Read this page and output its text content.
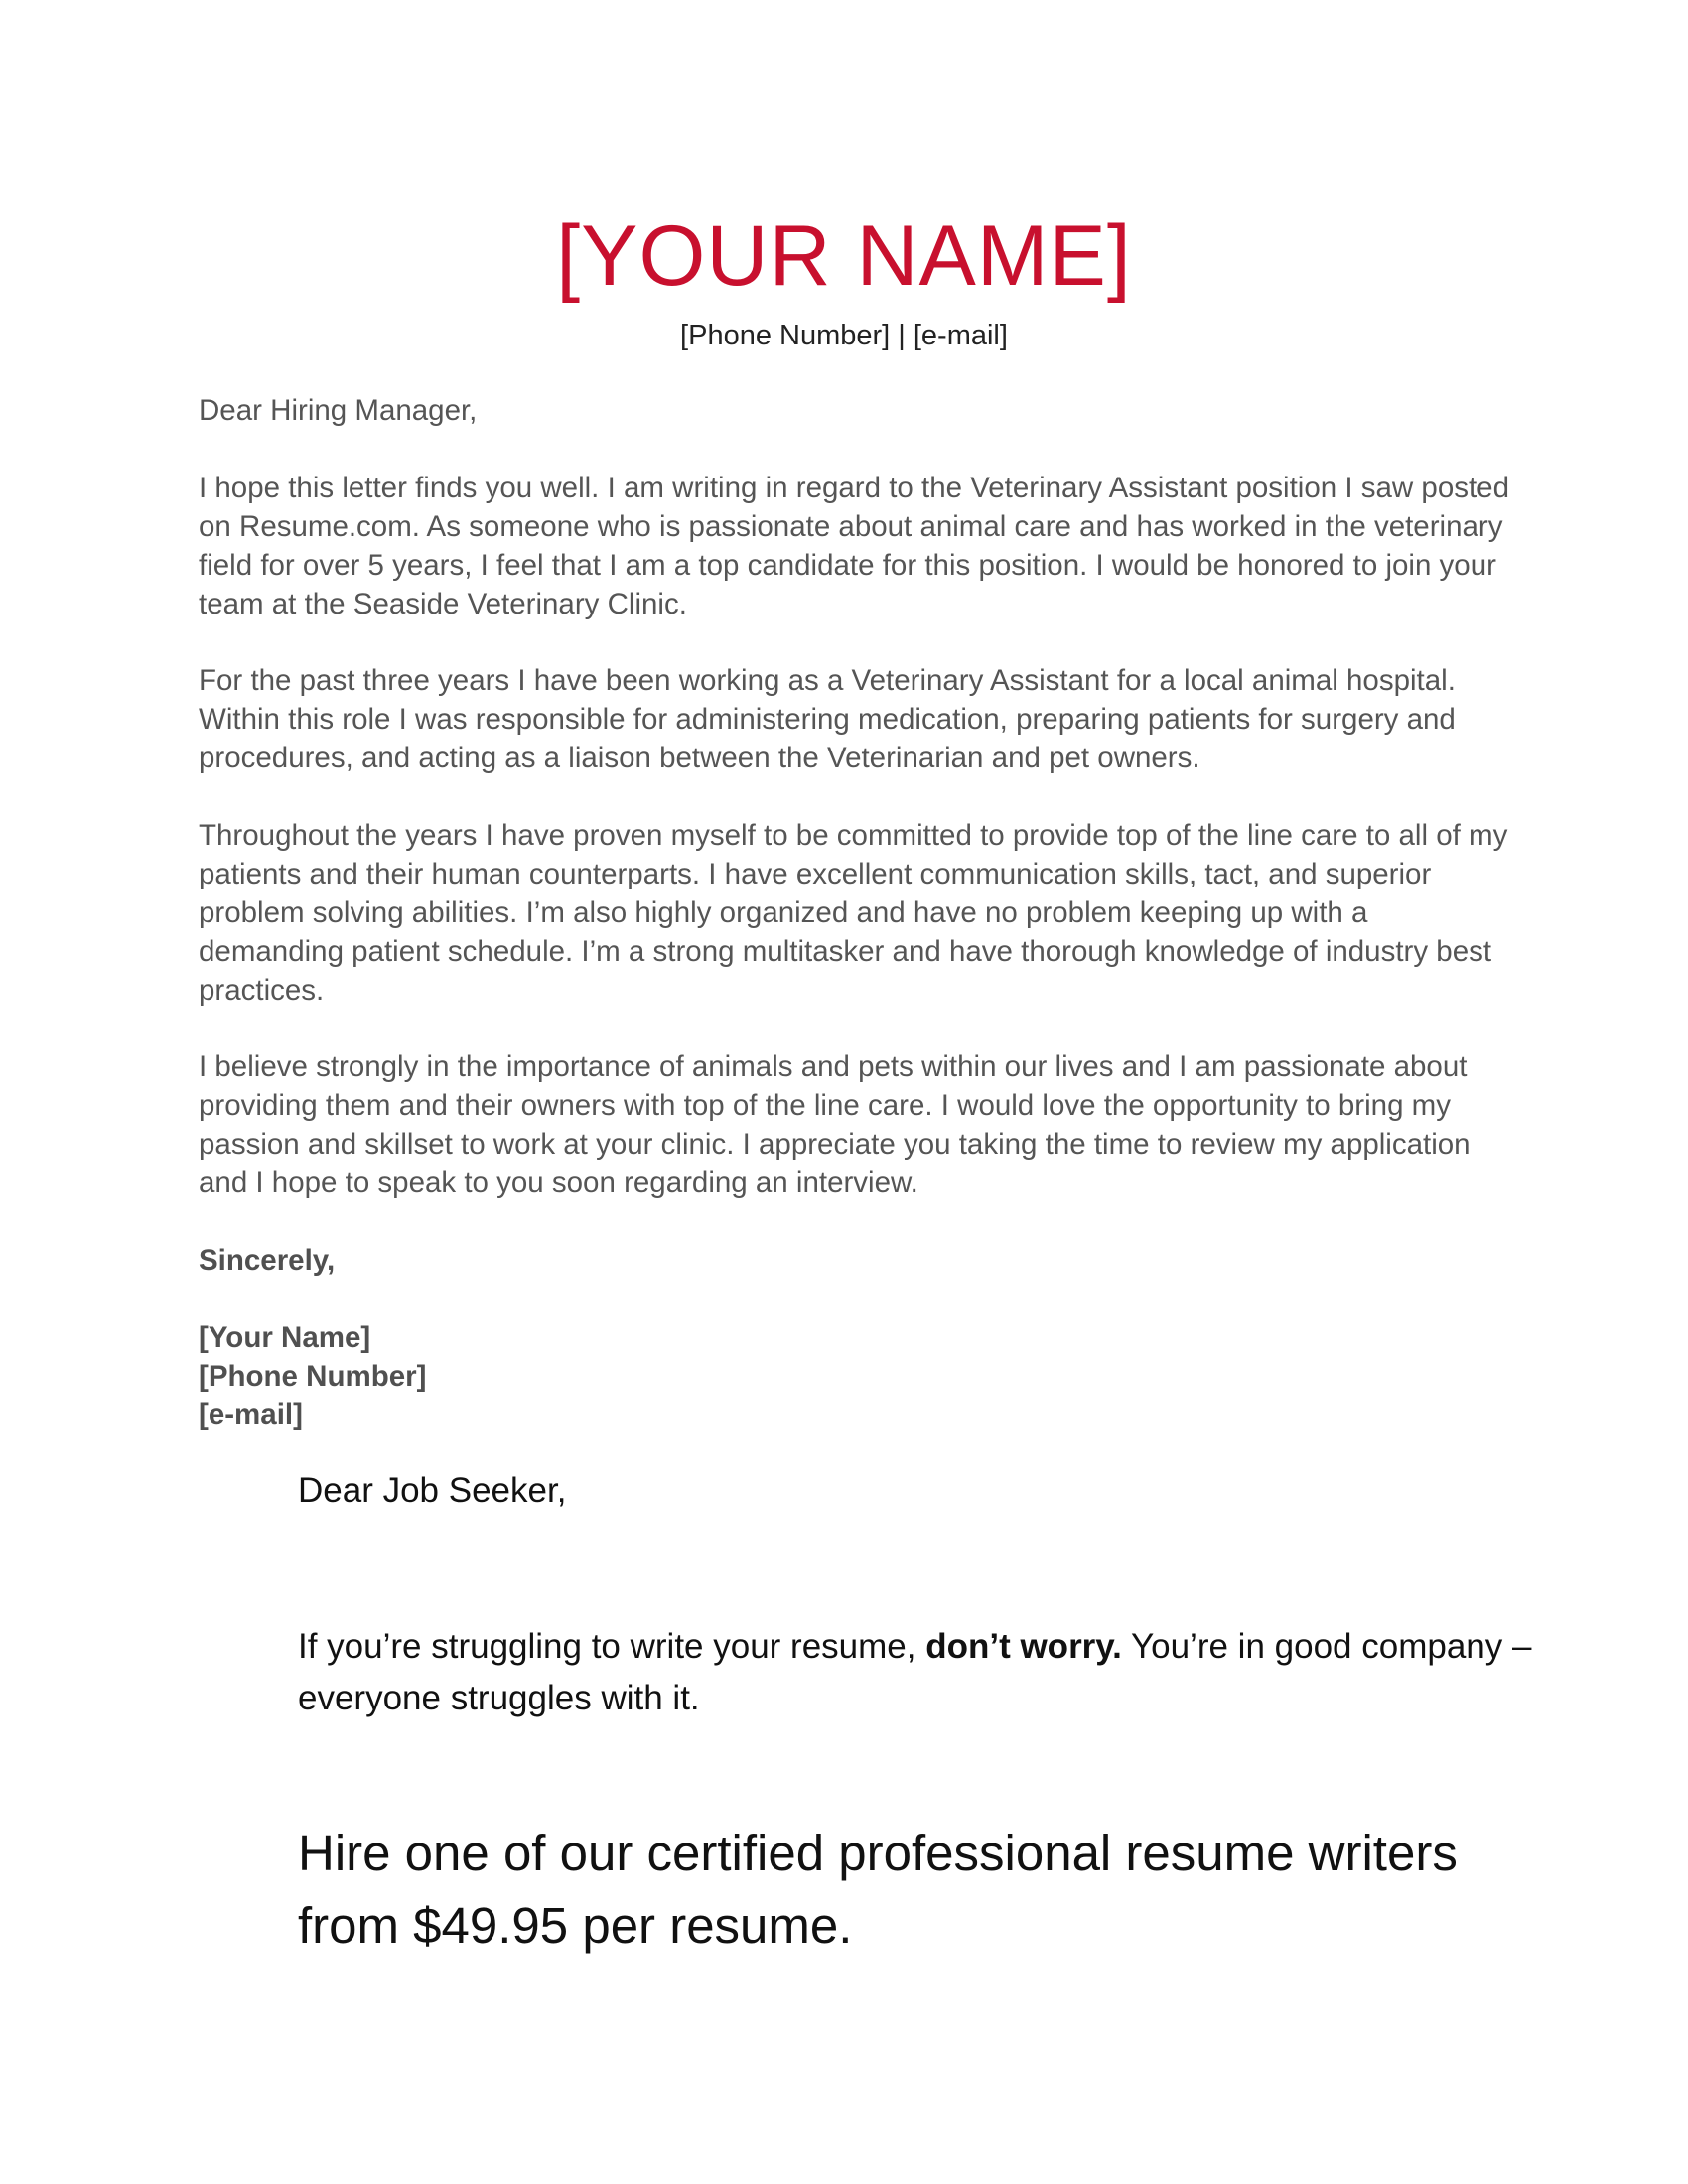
[YOUR NAME]
[Phone Number] | [e-mail]

Dear Hiring Manager,

I hope this letter finds you well. I am writing in regard to the Veterinary Assistant position I saw posted on Resume.com. As someone who is passionate about animal care and has worked in the veterinary field for over 5 years, I feel that I am a top candidate for this position. I would be honored to join your team at the Seaside Veterinary Clinic.

For the past three years I have been working as a Veterinary Assistant for a local animal hospital. Within this role I was responsible for administering medication, preparing patients for surgery and procedures, and acting as a liaison between the Veterinarian and pet owners.

Throughout the years I have proven myself to be committed to provide top of the line care to all of my patients and their human counterparts. I have excellent communication skills, tact, and superior problem solving abilities. I’m also highly organized and have no problem keeping up with a demanding patient schedule. I’m a strong multitasker and have thorough knowledge of industry best practices.

I believe strongly in the importance of animals and pets within our lives and I am passionate about providing them and their owners with top of the line care. I would love the opportunity to bring my passion and skillset to work at your clinic. I appreciate you taking the time to review my application and I hope to speak to you soon regarding an interview.

Sincerely,

[Your Name]

[Phone Number]

[e-mail]

Dear Job Seeker,
If you’re struggling to write your resume, don’t worry. You’re in good company – everyone struggles with it.
Hire one of our certified professional resume writers from $49.95 per resume.
